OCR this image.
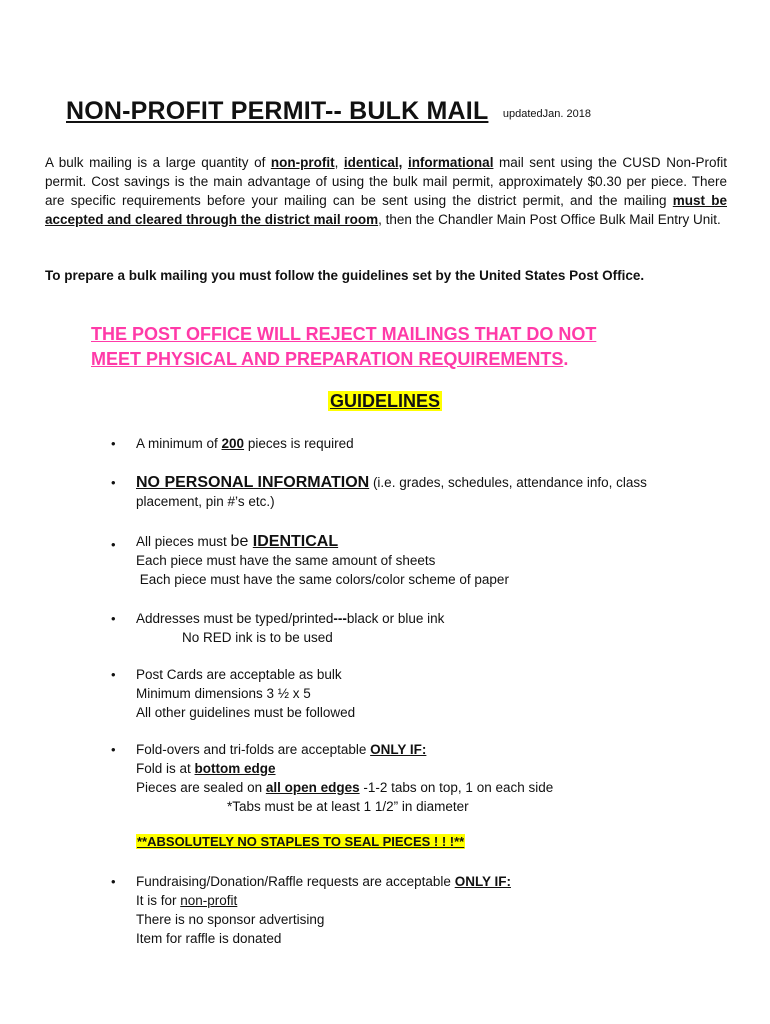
NON-PROFIT PERMIT-- BULK MAIL updatedJan. 2018
A bulk mailing is a large quantity of non-profit, identical, informational mail sent using the CUSD Non-Profit permit. Cost savings is the main advantage of using the bulk mail permit, approximately $0.30 per piece. There are specific requirements before your mailing can be sent using the district permit, and the mailing must be accepted and cleared through the district mail room, then the Chandler Main Post Office Bulk Mail Entry Unit.
To prepare a bulk mailing you must follow the guidelines set by the United States Post Office.
THE POST OFFICE WILL REJECT MAILINGS THAT DO NOT
MEET PHYSICAL AND PREPARATION REQUIREMENTS.
GUIDELINES
• A minimum of 200 pieces is required
• NO PERSONAL INFORMATION (i.e. grades, schedules, attendance info, class placement, pin #’s etc.)
• All pieces must be IDENTICAL
Each piece must have the same amount of sheets
Each piece must have the same colors/color scheme of paper
• Addresses must be typed/printed---black or blue ink
No RED ink is to be used
• Post Cards are acceptable as bulk
Minimum dimensions 3 ½ x 5
All other guidelines must be followed
• Fold-overs and tri-folds are acceptable ONLY IF:
Fold is at bottom edge
Pieces are sealed on all open edges -1-2 tabs on top, 1 on each side
*Tabs must be at least 1 1/2” in diameter
**ABSOLUTELY NO STAPLES TO SEAL PIECES ! ! !**
• Fundraising/Donation/Raffle requests are acceptable ONLY IF:
It is for non-profit
There is no sponsor advertising
Item for raffle is donated
